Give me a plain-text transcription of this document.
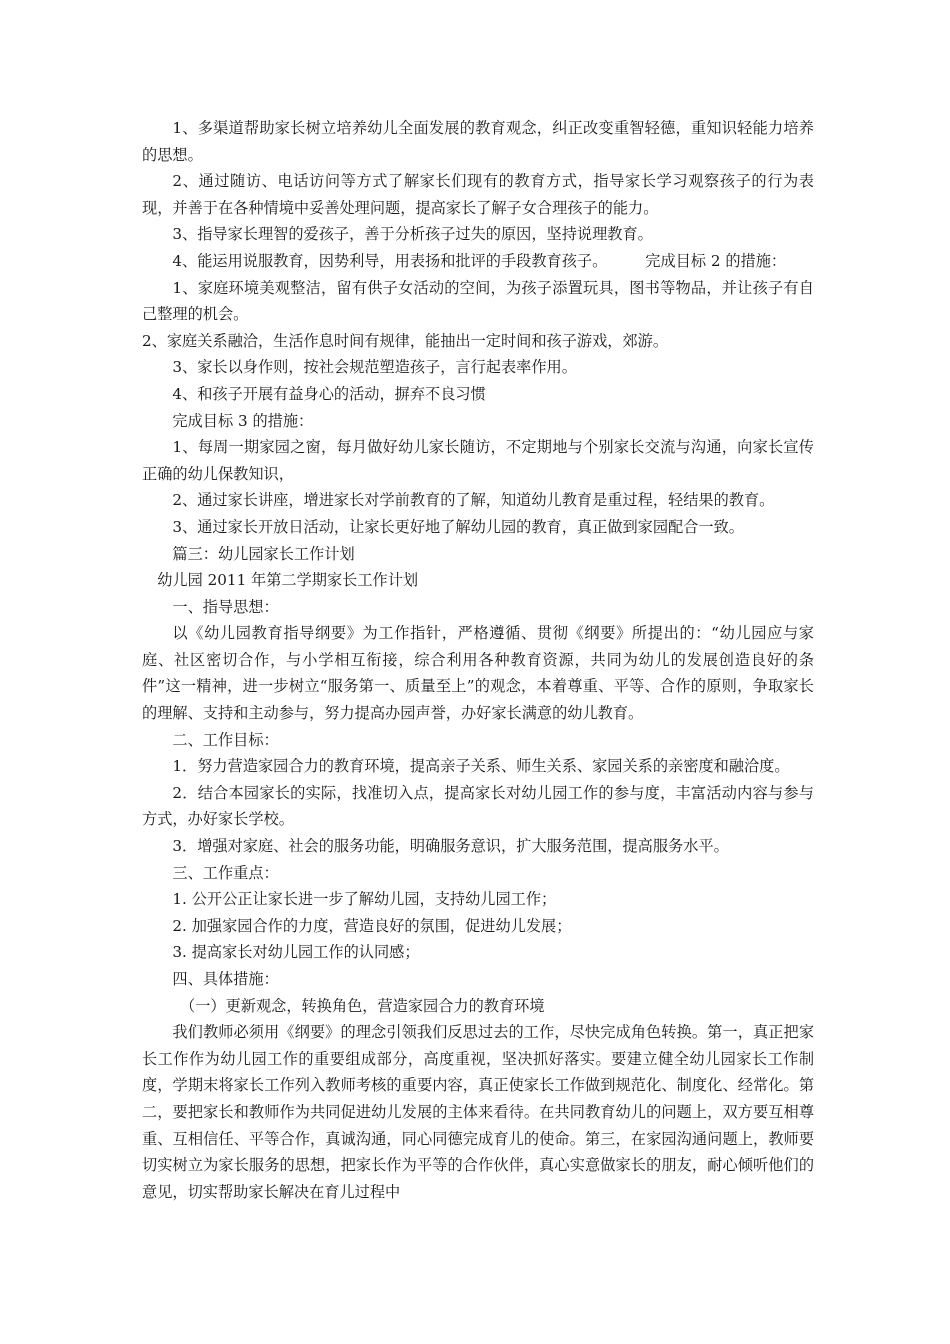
1、多渠道帮助家长树立培养幼儿全面发展的教育观念，纠正改变重智轻德，重知识轻能力培养的思想。

2、通过随访、电话访问等方式了解家长们现有的教育方式，指导家长学习观察孩子的行为表现，并善于在各种情境中妥善处理问题，提高家长了解子女合理孩子的能力。

3、指导家长理智的爱孩子，善于分析孩子过失的原因，坚持说理教育。

4、能运用说服教育，因势利导，用表扬和批评的手段教育孩子。　　　完成目标 2 的措施：

1、家庭环境美观整洁，留有供子女活动的空间，为孩子添置玩具，图书等物品，并让孩子有自己整理的机会。

2、家庭关系融洽，生活作息时间有规律，能抽出一定时间和孩子游戏，郊游。

3、家长以身作则，按社会规范塑造孩子，言行起表率作用。

4、和孩子开展有益身心的活动，摒弃不良习惯

完成目标 3 的措施：

1、每周一期家园之窗，每月做好幼儿家长随访，不定期地与个别家长交流与沟通，向家长宣传正确的幼儿保教知识，

2、通过家长讲座，增进家长对学前教育的了解，知道幼儿教育是重过程，轻结果的教育。

3、通过家长开放日活动，让家长更好地了解幼儿园的教育，真正做到家园配合一致。

篇三：幼儿园家长工作计划

幼儿园 2011 年第二学期家长工作计划

一、指导思想：

以《幼儿园教育指导纲要》为工作指针，严格遵循、贯彻《纲要》所提出的：“幼儿园应与家庭、社区密切合作，与小学相互衔接，综合利用各种教育资源，共同为幼儿的发展创造良好的条件”这一精神，进一步树立“服务第一、质量至上”的观念，本着尊重、平等、合作的原则，争取家长的理解、支持和主动参与，努力提高办园声誉，办好家长满意的幼儿教育。

二、工作目标：

1．努力营造家园合力的教育环境，提高亲子关系、师生关系、家园关系的亲密度和融洽度。

2．结合本园家长的实际，找准切入点，提高家长对幼儿园工作的参与度，丰富活动内容与参与方式，办好家长学校。

3．增强对家庭、社会的服务功能，明确服务意识，扩大服务范围，提高服务水平。

三、工作重点：

1. 公开公正让家长进一步了解幼儿园，支持幼儿园工作；

2. 加强家园合作的力度，营造良好的氛围，促进幼儿发展；

3. 提高家长对幼儿园工作的认同感；

四、具体措施：

（一）更新观念，转换角色，营造家园合力的教育环境

我们教师必须用《纲要》的理念引领我们反思过去的工作，尽快完成角色转换。第一，真正把家长工作作为幼儿园工作的重要组成部分，高度重视，坚决抓好落实。要建立健全幼儿园家长工作制度，学期末将家长工作列入教师考核的重要内容，真正使家长工作做到规范化、制度化、经常化。第二，要把家长和教师作为共同促进幼儿发展的主体来看待。在共同教育幼儿的问题上，双方要互相尊重、互相信任、平等合作，真诚沟通，同心同德完成育儿的使命。第三，在家园沟通问题上，教师要切实树立为家长服务的思想，把家长作为平等的合作伙伴，真心实意做家长的朋友，耐心倾听他们的意见，切实帮助家长解决在育儿过程中
